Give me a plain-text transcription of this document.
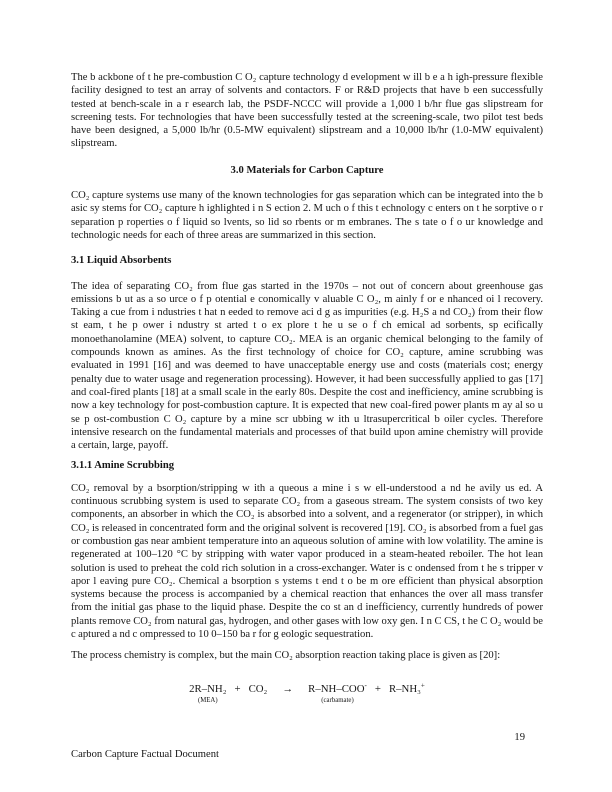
The b ackbone of t he pre-combustion C O₂ capture technology d evelopment w ill b e a h igh-pressure flexible facility designed to test an array of solvents and contactors. F or R&D projects that have b een successfully tested at bench-scale in a r esearch lab, the PSDF-NCCC will provide a 1,000 l b/hr flue gas slipstream for screening tests. For technologies that have been successfully tested at the screening-scale, two pilot test beds have been designed, a 5,000 lb/hr (0.5-MW equivalent) slipstream and a 10,000 lb/hr (1.0-MW equivalent) slipstream.

3.0 Materials for Carbon Capture

CO₂ capture systems use many of the known technologies for gas separation which can be integrated into the b asic sy stems for CO₂ capture h ighlighted i n S ection 2. M uch o f this t echnology c enters on t he sorptive o r separation p roperties o f liquid so lvents, so lid so rbents or m embranes. The s tate o f o ur knowledge and technologic needs for each of three areas are summarized in this section.

3.1 Liquid Absorbents

The idea of separating CO₂ from flue gas started in the 1970s – not out of concern about greenhouse gas emissions b ut as a so urce o f p otential e conomically v aluable C O₂, m ainly f or e nhanced oi l recovery. Taking a cue from i ndustries t hat n eeded to remove aci d g as impurities (e.g. H₂S a nd CO₂) from their flow st eam, t he p ower i ndustry st arted t o ex plore t he u se o f ch emical ad sorbents, sp ecifically monoethanolamine (MEA) solvent, to capture CO₂. MEA is an organic chemical belonging to the family of compounds known as amines. As the first technology of choice for CO₂ capture, amine scrubbing was evaluated in 1991 [16] and was deemed to have unacceptable energy use and costs (materials cost; energy penalty due to water usage and regeneration processing). However, it had been successfully applied to gas [17] and coal-fired plants [18] at a small scale in the early 80s. Despite the cost and inefficiency, amine scrubbing is now a key technology for post-combustion capture. It is expected that new coal-fired power plants m ay al so u se p ost-combustion C O₂ capture by a mine scr ubbing w ith u ltrasupercritical b oiler cycles. Therefore intensive research on the fundamental materials and processes of that build upon amine chemistry will provide a certain, large, payoff.

3.1.1 Amine Scrubbing

CO₂ removal by a bsorption/stripping w ith a queous a mine i s w ell-understood a nd he avily us ed. A continuous scrubbing system is used to separate CO₂ from a gaseous stream. The system consists of two key components, an absorber in which the CO₂ is absorbed into a solvent, and a regenerator (or stripper), in which CO₂ is released in concentrated form and the original solvent is recovered [19]. CO₂ is absorbed from a fuel gas or combustion gas near ambient temperature into an aqueous solution of amine with low volatility. The amine is regenerated at 100–120 °C by stripping with water vapor produced in a steam-heated reboiler. The hot lean solution is used to preheat the cold rich solution in a cross-exchanger. Water is c ondensed from t he s tripper v apor l eaving pure CO₂. Chemical a bsorption s ystems t end t o be m ore efficient than physical absorption systems because the process is accompanied by a chemical reaction that enhances the over all mass transfer from the initial gas phase to the liquid phase. Despite the co st an d inefficiency, currently hundreds of power plants remove CO₂ from natural gas, hydrogen, and other gases with low oxy gen. I n C CS, t he C O₂ would be c aptured a nd c ompressed to 10 0–150 ba r for g eologic sequestration.

The process chemistry is complex, but the main CO₂ absorption reaction taking place is given as [20]:

2R–NH₂
(MEA)
+ CO₂ → R–NH–COO-
(carbamate)
+ R–NH₃+
19
Carbon Capture Factual Document
